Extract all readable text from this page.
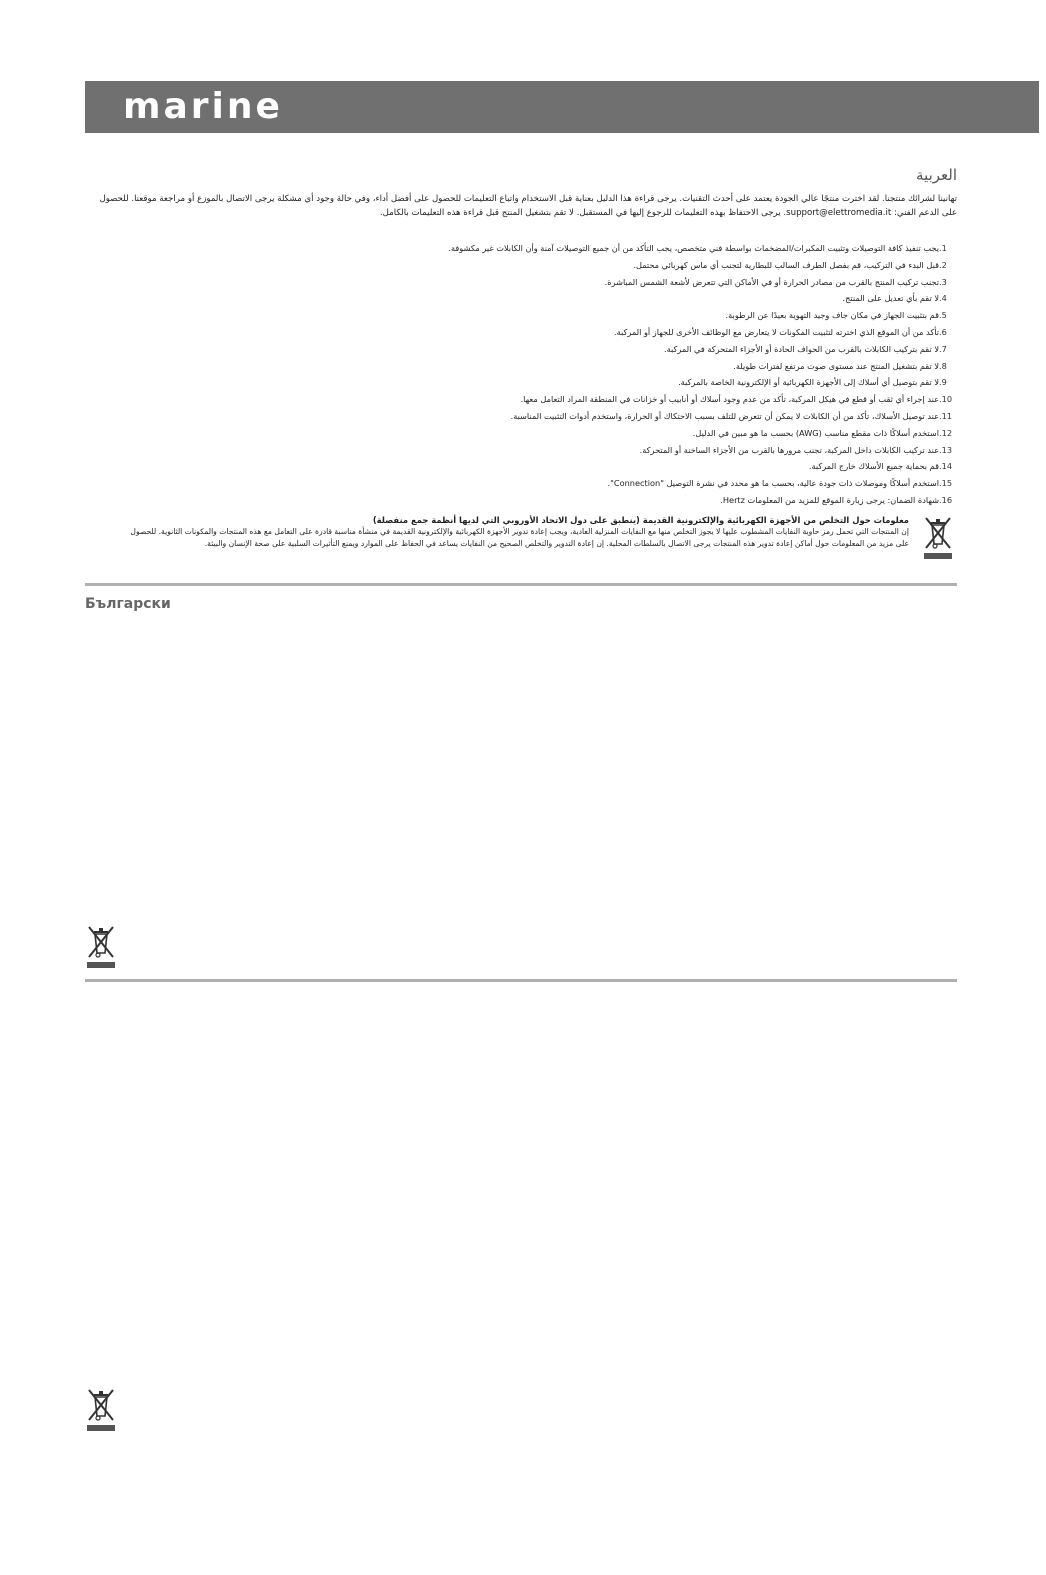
marine
العربية
تهانينا لشرائك منتجنا. لقد اخترت منتجًا عالي الجودة يعتمد على أحدث التقنيات. يرجى قراءة هذا الدليل بعناية قبل الاستخدام واتباع التعليمات للحصول على أفضل أداء، وفي حالة وجود أي مشكلة يرجى الاتصال بالموزع أو مراجعة موقعنا. للحصول على الدعم الفني: support@elettromedia.it. يرجى الاحتفاظ بهذه التعليمات للرجوع إليها في المستقبل. لا تقم بتشغيل المنتج قبل قراءة هذه التعليمات بالكامل.
1.يجب تنفيذ كافة التوصيلات وتثبيت المكبرات/المضخمات بواسطة فني متخصص، يجب التأكد من أن جميع التوصيلات آمنة وأن الكابلات غير مكشوفة.
2.قبل البدء في التركيب، قم بفصل الطرف السالب للبطارية لتجنب أي ماس كهربائي محتمل.
3.تجنب تركيب المنتج بالقرب من مصادر الحرارة أو في الأماكن التي تتعرض لأشعة الشمس المباشرة.
4.لا تقم بأي تعديل على المنتج.
5.قم بتثبيت الجهاز في مكان جاف وجيد التهوية بعيدًا عن الرطوبة.
6.تأكد من أن الموقع الذي اخترته لتثبيت المكونات لا يتعارض مع الوظائف الأخرى للجهاز أو المركبة.
7.لا تقم بتركيب الكابلات بالقرب من الحواف الحادة أو الأجزاء المتحركة في المركبة.
8.لا تقم بتشغيل المنتج عند مستوى صوت مرتفع لفترات طويلة.
9.لا تقم بتوصيل أي أسلاك إلى الأجهزة الكهربائية أو الإلكترونية الخاصة بالمركبة.
10.عند إجراء أي ثقب أو قطع في هيكل المركبة، تأكد من عدم وجود أسلاك أو أنابيب أو خزانات في المنطقة المراد التعامل معها.
11.عند توصيل الأسلاك، تأكد من أن الكابلات لا يمكن أن تتعرض للتلف بسبب الاحتكاك أو الحرارة، واستخدم أدوات التثبيت المناسبة.
12.استخدم أسلاكًا ذات مقطع مناسب (AWG) بحسب ما هو مبين في الدليل.
13.عند تركيب الكابلات داخل المركبة، تجنب مرورها بالقرب من الأجزاء الساخنة أو المتحركة.
14.قم بحماية جميع الأسلاك خارج المركبة.
15.استخدم أسلاكًا وموصلات ذات جودة عالية، بحسب ما هو محدد في نشرة التوصيل "Connection".
16.شهادة الضمان: يرجى زيارة الموقع للمزيد من المعلومات Hertz.
معلومات حول التخلص من الأجهزة الكهربائية والإلكترونية القديمة (ينطبق على دول الاتحاد الأوروبي التي لديها أنظمة جمع منفصلة)
إن المنتجات التي تحمل رمز حاوية النفايات المشطوب عليها لا يجوز التخلص منها مع النفايات المنزلية العادية، ويجب إعادة تدوير الأجهزة الكهربائية والإلكترونية القديمة في منشأة مناسبة قادرة على التعامل مع هذه المنتجات والمكونات الثانوية. للحصول على مزيد من المعلومات حول أماكن إعادة تدوير هذه المنتجات يرجى الاتصال بالسلطات المحلية. إن إعادة التدوير والتخلص الصحيح من النفايات يساعد في الحفاظ على الموارد ويمنع التأثيرات السلبية على صحة الإنسان والبيئة.
Български
